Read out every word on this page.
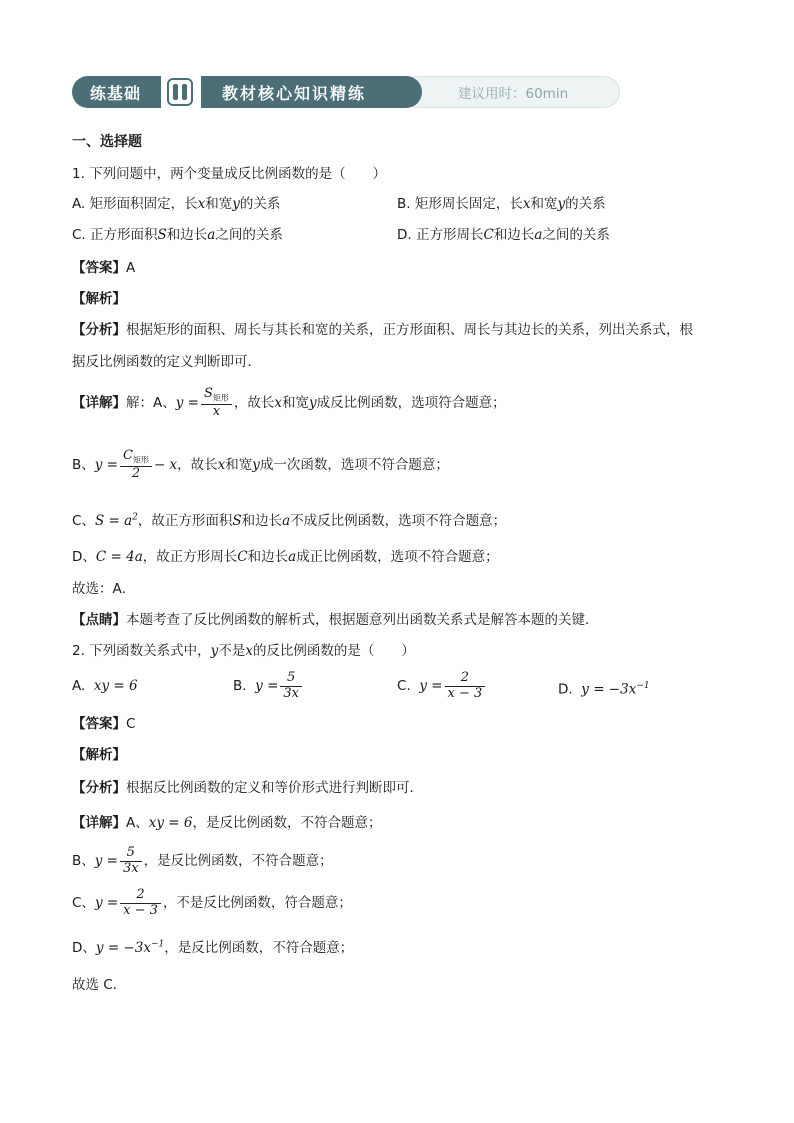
练基础	教材核心知识精练	建议用时：60min
一、选择题
1. 下列问题中，两个变量成反比例函数的是（　　）
A. 矩形面积固定，长x和宽y的关系	B. 矩形周长固定，长x和宽y的关系
C. 正方形面积S和边长a之间的关系	D. 正方形周长C和边长a之间的关系
【答案】A
【解析】
【分析】根据矩形的面积、周长与其长和宽的关系，正方形面积、周长与其边长的关系，列出关系式，根
据反比例函数的定义判断即可．
【详解】解：A、$y = \frac{S_{矩形}}{x}$ ，故长x和宽y成反比例函数，选项符合题意；
B、$y = \frac{C_{矩形}}{2} - x$，故长x和宽y成一次函数，选项不符合题意；
C、$S = a^2$，故正方形面积S和边长a不成反比例函数，选项不符合题意；
D、C = 4a，故正方形周长C和边长a成正比例函数，选项不符合题意；
故选：A．
【点睛】本题考查了反比例函数的解析式，根据题意列出函数关系式是解答本题的关键．
2. 下列函数关系式中，y不是x的反比例函数的是（　　）
A. xy = 6	B. $y = \frac{5}{3x}$	C. $y = \frac{2}{x - 3}$	D. $y = -3x^{-1}$
【答案】C
【解析】
【分析】根据反比例函数的定义和等价形式进行判断即可．
【详解】A、xy = 6，是反比例函数，不符合题意；
B、$y = \frac{5}{3x}$ ，是反比例函数，不符合题意；
C、$y = \frac{2}{x - 3}$ ，不是反比例函数，符合题意；
D、$y = -3x^{-1}$，是反比例函数，不符合题意；
故选 C．
